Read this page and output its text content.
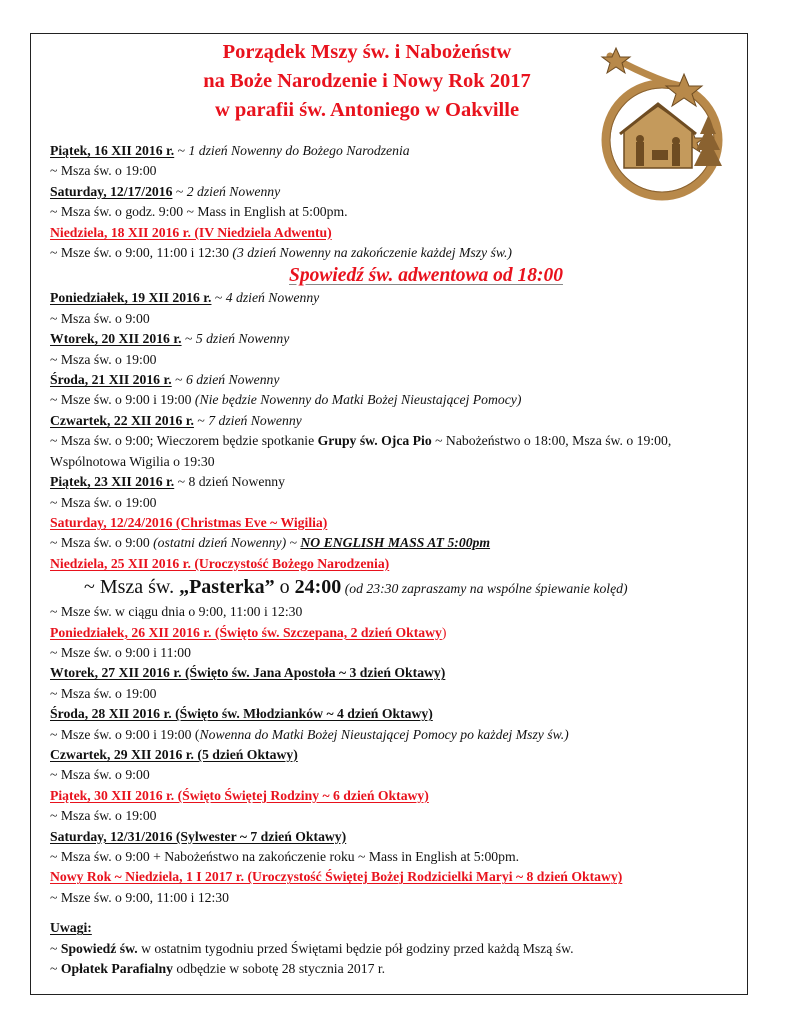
Porządek Mszy św. i Nabożeństw
na Boże Narodzenie i Nowy Rok 2017
w parafii św. Antoniego w Oakville
Piątek, 16 XII 2016 r. ~ 1 dzień Nowenny do Bożego Narodzenia
~ Msza św. o 19:00
Saturday, 12/17/2016 ~ 2 dzień Nowenny
~ Msza św. o godz. 9:00 ~ Mass in English at 5:00pm.
Niedziela, 18 XII 2016 r. (IV Niedziela Adwentu)
~ Msze św. o 9:00, 11:00 i 12:30 (3 dzień Nowenny na zakończenie każdej Mszy św.)
Spowiedź św. adwentowa od 18:00
Poniedziałek, 19 XII 2016 r. ~ 4 dzień Nowenny
~ Msza św. o 9:00
Wtorek, 20 XII 2016 r. ~ 5 dzień Nowenny
~ Msza św. o 19:00
Środa, 21 XII 2016 r. ~ 6 dzień Nowenny
~ Msze św. o 9:00 i 19:00 (Nie będzie Nowenny do Matki Bożej Nieustającej Pomocy)
Czwartek, 22 XII 2016 r. ~ 7 dzień Nowenny
~ Msza św. o 9:00; Wieczorem będzie spotkanie Grupy św. Ojca Pio ~ Nabożeństwo o 18:00, Msza św. o 19:00, Wspólnotowa Wigilia o 19:30
Piątek, 23 XII 2016 r. ~ 8 dzień Nowenny
~ Msza św. o 19:00
Saturday, 12/24/2016 (Christmas Eve ~ Wigilia)
~ Msza św. o 9:00 (ostatni dzień Nowenny) ~ NO ENGLISH MASS AT 5:00pm
Niedziela, 25 XII 2016 r. (Uroczystość Bożego Narodzenia)
~ Msza św. „Pasterka” o 24:00 (od 23:30 zapraszamy na wspólne śpiewanie kolęd)
~ Msze św. w ciągu dnia o 9:00, 11:00 i 12:30
Poniedziałek, 26 XII 2016 r. (Święto św. Szczepana, 2 dzień Oktawy)
~ Msze św. o 9:00 i 11:00
Wtorek, 27 XII 2016 r. (Święto św. Jana Apostoła ~ 3 dzień Oktawy)
~ Msza św. o 19:00
Środa, 28 XII 2016 r. (Święto św. Młodzianków ~ 4 dzień Oktawy)
~ Msze św. o 9:00 i 19:00 (Nowenna do Matki Bożej Nieustającej Pomocy po każdej Mszy św.)
Czwartek, 29 XII 2016 r. (5 dzień Oktawy)
~ Msza św. o 9:00
Piątek, 30 XII 2016 r. (Święto Świętej Rodziny ~ 6 dzień Oktawy)
~ Msza św. o 19:00
Saturday, 12/31/2016 (Sylwester ~ 7 dzień Oktawy)
~ Msza św. o 9:00 + Nabożeństwo na zakończenie roku ~ Mass in English at 5:00pm.
Nowy Rok ~ Niedziela, 1 I 2017 r. (Uroczystość Świętej Bożej Rodzicielki Maryi ~ 8 dzień Oktawy)
~ Msze św. o 9:00, 11:00 i 12:30
Uwagi:
~ Spowiedź św. w ostatnim tygodniu przed Świętami będzie pół godziny przed każdą Mszą św.
~ Opłatek Parafialny odbędzie w sobotę 28 stycznia 2017 r.
